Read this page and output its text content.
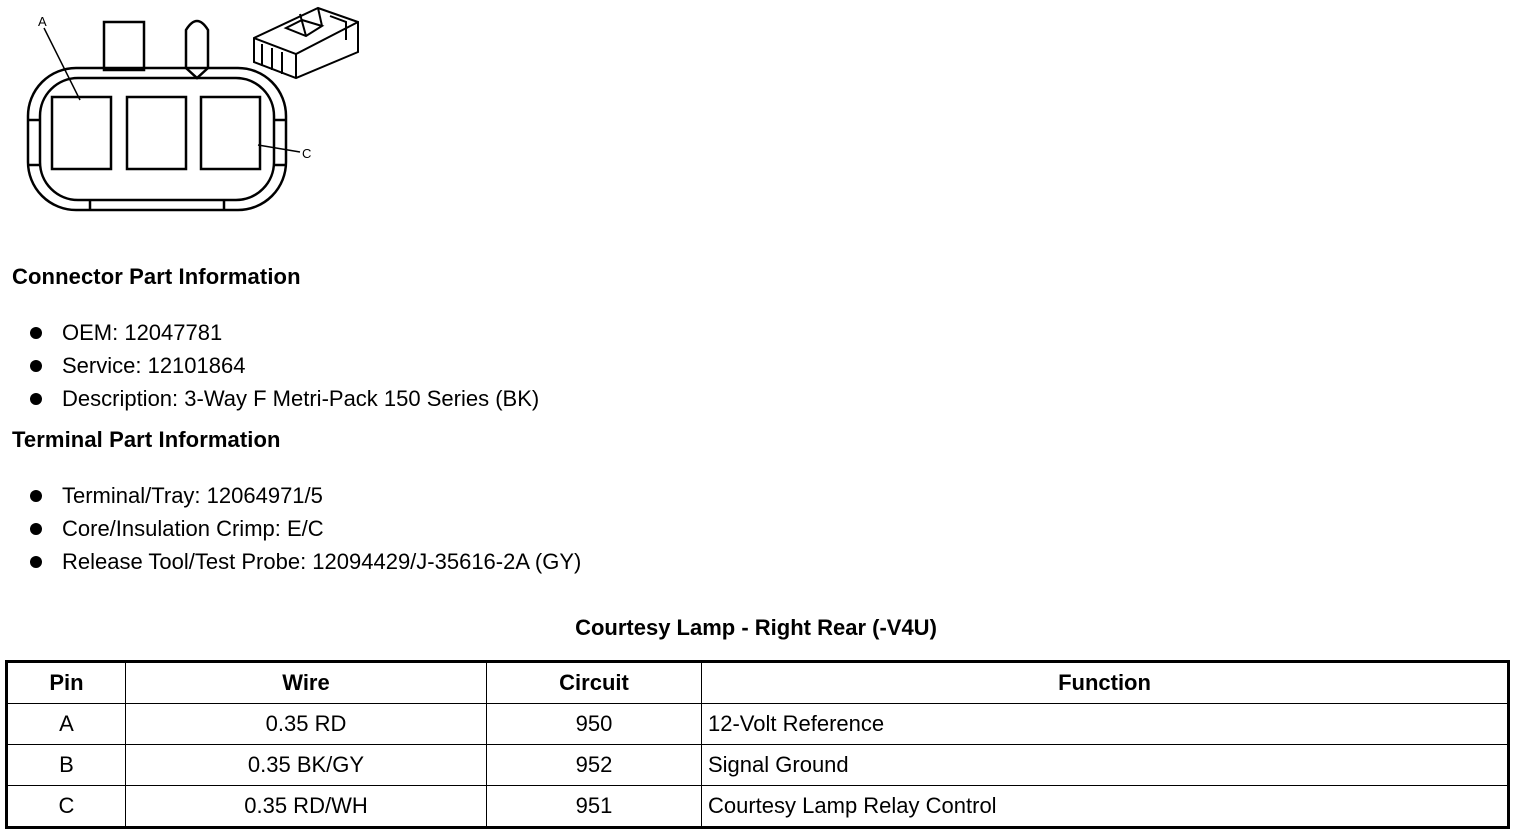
A
C
Connector Part Information
OEM: 12047781
Service: 12101864
Description: 3-Way F Metri-Pack 150 Series (BK)
Terminal Part Information
Terminal/Tray: 12064971/5
Core/Insulation Crimp: E/C
Release Tool/Test Probe: 12094429/J-35616-2A (GY)
Courtesy Lamp - Right Rear (-V4U)
Pin	Wire	Circuit	Function
A	0.35 RD	950	12-Volt Reference
B	0.35 BK/GY	952	Signal Ground
C	0.35 RD/WH	951	Courtesy Lamp Relay Control
